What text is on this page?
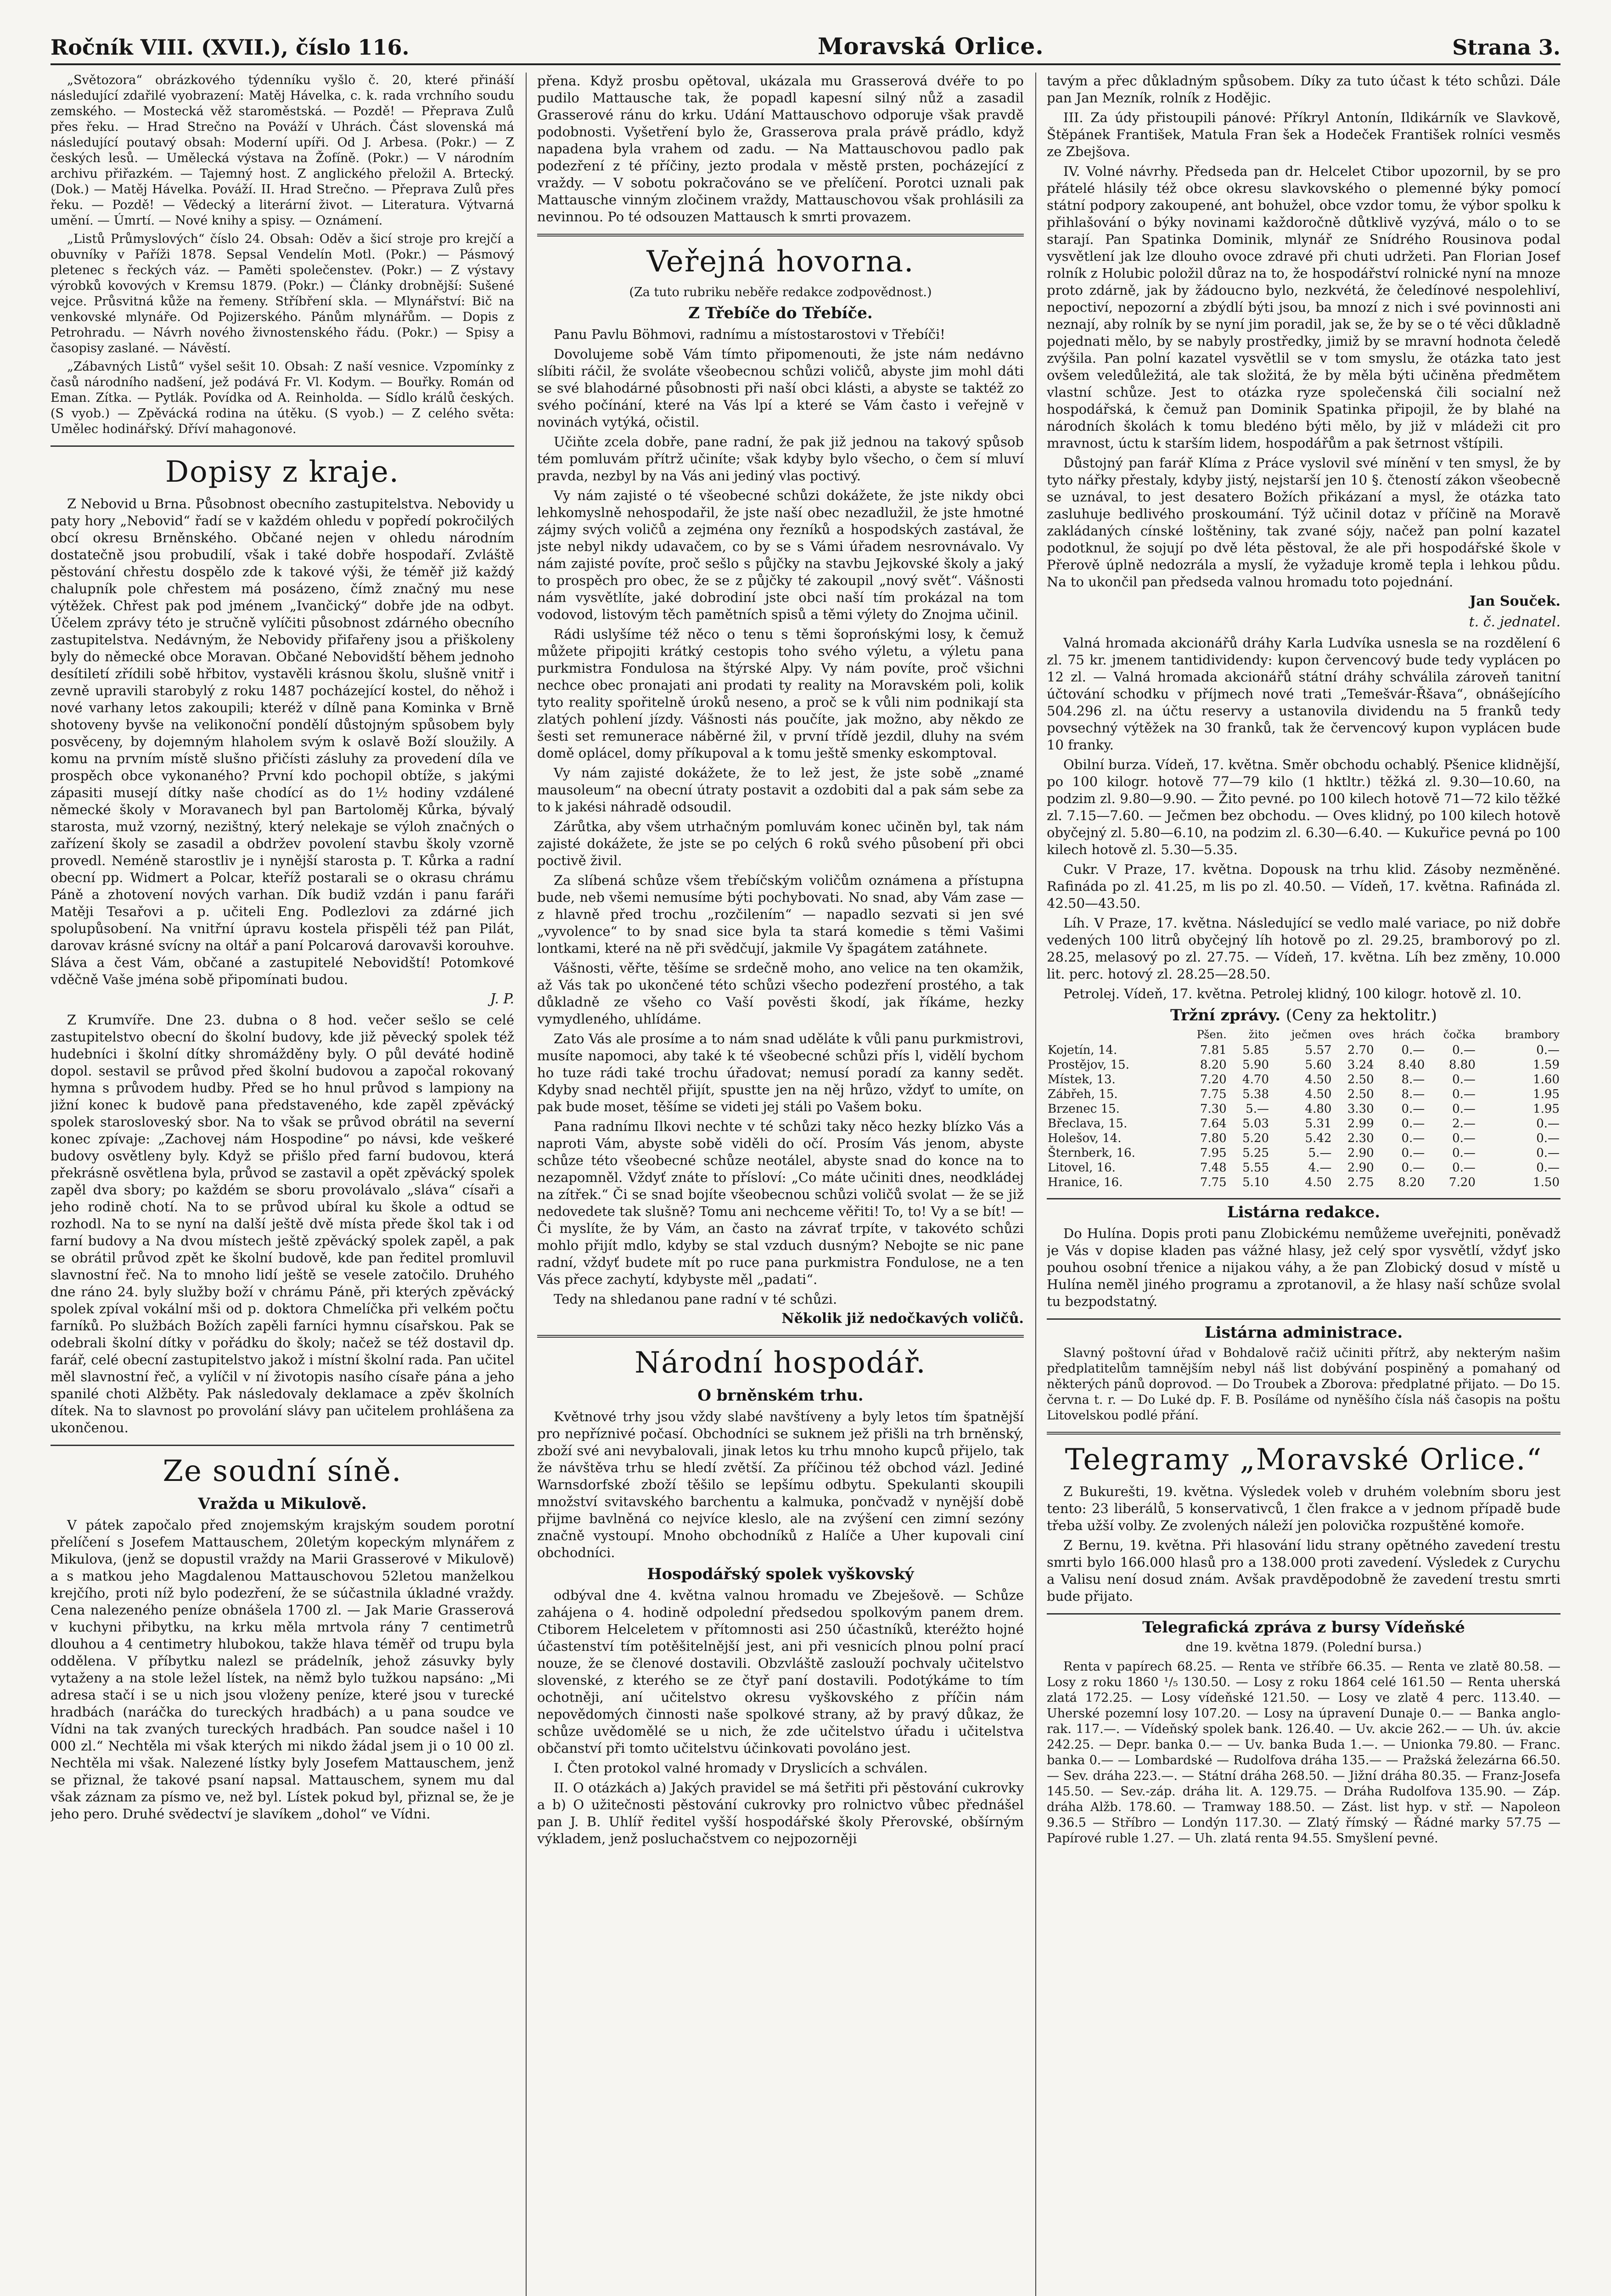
Ročník VIII. (XVII.), číslo 116.	Moravská Orlice.	Strana 3.

„Světozora“ obrázkového týdenníku vyšlo č. 20, které přináší následující zdařilé vyobrazení: Matěj Hávelka, c. k. rada vrchního soudu zemského. — Mostecká věž staroměstská. — Pozdě! — Přeprava Zulů přes řeku. — Hrad Strečno na Pováží v Uhrách. Část slovenská má následující poutavý obsah: Moderní upíři. Od J. Arbesa. (Pokr.) — Z českých lesů. — Umělecká výstava na Žofíně. (Pokr.) — V národním archivu přiřazkém. — Tajemný host. Z anglického přeložil A. Brtecký. (Dok.) — Matěj Hávelka. Pováží. II. Hrad Strečno. — Přeprava Zulů přes řeku. — Pozdě! — Vědecký a literární život. — Literatura. Výtvarná umění. — Úmrtí. — Nové knihy a spisy. — Oznámení.

„Listů Průmyslových“ číslo 24. Obsah: Oděv a šicí stroje pro krejčí a obuvníky v Paříži 1878. Sepsal Vendelín Motl. (Pokr.) — Pásmový pletenec s řeckých váz. — Paměti společenstev. (Pokr.) — Z výstavy výrobků kovových v Kremsu 1879. (Pokr.) — Články drobnější: Sušené vejce. Průsvitná kůže na řemeny. Stříbření skla. — Mlynářství: Bič na venkovské mlynáře. Od Pojizerského. Pánům mlynářům. — Dopis z Petrohradu. — Návrh nového živnostenského řádu. (Pokr.) — Spisy a časopisy zaslané. — Návěstí.

„Zábavných Listů“ vyšel sešit 10. Obsah: Z naší vesnice. Vzpomínky z časů národního nadšení, jež podává Fr. Vl. Kodym. — Bouřky. Román od Eman. Zítka. — Pytlák. Povídka od A. Reinholda. — Sídlo králů českých. (S vyob.) — Zpěvácká rodina na útěku. (S vyob.) — Z celého světa: Umělec hodinářský. Dříví mahagonové.

Dopisy z kraje.

Z Nebovid u Brna. Působnost obecního zastupitelstva. Nebovidy u paty hory „Nebovid“ řadí se v každém ohledu v popředí pokročilých obcí okresu Brněnského. Občané nejen v ohledu národním dostatečně jsou probudilí, však i také dobře hospodaří. Zvláště pěstování chřestu dospělo zde k takové výši, že téměř již každý chalupník pole chřestem má posázeno, čímž značný mu nese výtěžek. Chřest pak pod jménem „Ivančický“ dobře jde na odbyt. Účelem zprávy této je stručně vylíčiti působnost zdárného obecního zastupitelstva. Nedávným, že Nebovidy přifařeny jsou a přiškoleny byly do německé obce Moravan. Občané Nebovidští během jednoho desítiletí zřídili sobě hřbitov, vystavěli krásnou školu, slušně vnitř i zevně upravili starobylý z roku 1487 pocházející kostel, do něhož i nové varhany letos zakoupili; kteréž v dílně pana Kominka v Brně shotoveny byvše na velikonoční pondělí důstojným spůsobem byly posvěceny, by dojemným hlaholem svým k oslavě Boží sloužily. A komu na prvním místě slušno přičísti zásluhy za provedení díla ve prospěch obce vykonaného? První kdo pochopil obtíže, s jakými zápasiti musejí dítky naše chodící as do 1½ hodiny vzdálené německé školy v Moravanech byl pan Bartoloměj Kůrka, bývalý starosta, muž vzorný, nezištný, který nelekaje se výloh značných o zařízení školy se zasadil a obdržev povolení stavbu školy vzorně provedl. Neméně starostliv je i nynější starosta p. T. Kůrka a radní obecní pp. Widmert a Polcar, kteříž postarali se o okrasu chrámu Páně a zhotovení nových varhan. Dík budiž vzdán i panu faráři Matěji Tesařovi a p. učiteli Eng. Podlezlovi za zdárné jich spolupůsobení. Na vnitřní úpravu kostela přispěli též pan Pilát, darovav krásné svícny na oltář a paní Polcarová darovavši korouhve. Sláva a čest Vám, občané a zastupitelé Nebovidští! Potomkové vděčně Vaše jména sobě připomínati budou.

J. P.

Z Krumvíře. Dne 23. dubna o 8 hod. večer sešlo se celé zastupitelstvo obecní do školní budovy, kde již pěvecký spolek též hudebníci i školní dítky shromážděny byly. O půl deváté hodině dopol. sestavil se průvod před školní budovou a započal rokovaný hymna s průvodem hudby. Před se ho hnul průvod s lampiony na jižní konec k budově pana představeného, kde zapěl zpěvácký spolek starosloveský sbor. Na to však se průvod obrátil na severní konec zpívaje: „Zachovej nám Hospodine“ po návsi, kde veškeré budovy osvětleny byly. Když se přišlo před farní budovou, která překrásně osvětlena byla, průvod se zastavil a opět zpěvácký spolek zapěl dva sbory; po každém se sboru provolávalo „sláva“ císaři a jeho rodině chotí. Na to se průvod ubíral ku škole a odtud se rozhodl. Na to se nyní na další ještě dvě místa přede škol tak i od farní budovy a Na dvou místech ještě zpěvácký spolek zapěl, a pak se obrátil průvod zpět ke školní budově, kde pan ředitel promluvil slavnostní řeč. Na to mnoho lidí ještě se vesele zatočilo. Druhého dne ráno 24. byly služby boží v chrámu Páně, při kterých zpěvácký spolek zpíval vokální mši od p. doktora Chmelíčka při velkém počtu farníků. Po službách Božích zapěli farníci hymnu císařskou. Pak se odebrali školní dítky v pořádku do školy; načež se též dostavil dp. farář, celé obecní zastupitelstvo jakož i místní školní rada. Pan učitel měl slavnostní řeč, a vylíčil v ní životopis nasího císaře pána a jeho spanilé choti Alžběty. Pak následovaly deklamace a zpěv školních dítek. Na to slavnost po provolání slávy pan učitelem prohlášena za ukončenou.

Ze soudní síně.
Vražda u Mikulově.

V pátek započalo před znojemským krajským soudem porotní přelíčení s Josefem Mattauschem, 20letým kopeckým mlynářem z Mikulova, (jenž se dopustil vraždy na Marii Grasserové v Mikulově) a s matkou jeho Magdalenou Mattauschovou 52letou manželkou krejčího, proti níž bylo podezření, že se súčastnila úkladné vraždy. Cena nalezeného peníze obnášela 1700 zl. — Jak Marie Grasserová v kuchyni přibytku, na krku měla mrtvola rány 7 centimetrů dlouhou a 4 centimetry hlubokou, takže hlava téměř od trupu byla oddělena. V příbytku nalezl se prádelník, jehož zásuvky byly vytaženy a na stole ležel lístek, na němž bylo tužkou napsáno: „Mi adresa stačí i se u nich jsou vloženy peníze, které jsou v turecké hradbách (naráčka do tureckých hradbách) a u pana soudce ve Vídni na tak zvaných tureckých hradbách. Pan soudce našel i 10 000 zl.“ Nechtěla mi však kterých mi nikdo žádal jsem ji o 10 00 zl. Nechtěla mi však. Nalezené lístky byly Josefem Mattauschem, jenž se přiznal, že takové psaní napsal. Mattauschem, synem mu dal však záznam za písmo ve, než byl. Lístek pokud byl, přiznal se, že je jeho pero. Druhé svědectví je slavíkem „dohol“ ve Vídni.

přena. Když prosbu opětoval, ukázala mu Grasserová dvéře to po pudilo Mattausche tak, že popadl kapesní silný nůž a zasadil Grasserové ránu do krku. Udání Mattauschovo odporuje však pravdě podobnosti. Vyšetření bylo že, Grasserova prala právě prádlo, když napadena byla vrahem od zadu. — Na Mattauschovou padlo pak podezření z té příčiny, jezto prodala v městě prsten, pocházející z vraždy. — V sobotu pokračováno se ve přelíčení. Porotci uznali pak Mattausche vinným zločinem vraždy, Mattauschovou však prohlásili za nevinnou. Po té odsouzen Mattausch k smrti provazem.

Veřejná hovorna.
(Za tuto rubriku neběře redakce zodpovědnost.)
Z Třebíče do Třebíče.

Panu Pavlu Böhmovi, radnímu a místostarostovi v Třebíči!

Dovolujeme sobě Vám tímto připomenouti, že jste nám nedávno slíbiti ráčil, že svoláte všeobecnou schůzi voličů, abyste jim mohl dáti se své blahodárné působnosti při naší obci klásti, a abyste se taktéž zo svého počínání, které na Vás lpí a které se Vám často i veřejně v novinách vytýká, očistil.

Učiňte zcela dobře, pane radní, že pak již jednou na takový spůsob tém pomluvám přítrž učiníte; však kdyby bylo všecho, o čem sí mluví pravda, nezbyl by na Vás ani jediný vlas poctivý.

Vy nám zajisté o té všeobecné schůzi dokážete, že jste nikdy obci lehkomyslně nehospodařil, že jste naší obec nezadlužil, že jste hmotné zájmy svých voličů a zejména ony řezníků a hospodských zastával, že jste nebyl nikdy udavačem, co by se s Vámi úřadem nesrovnávalo. Vy nám zajisté povíte, proč sešlo s půjčky na stavbu Jejkovské školy a jaký to prospěch pro obec, že se z půjčky té zakoupil „nový svět“. Vášnosti nám vysvětlíte, jaké dobrodiní jste obci naší tím prokázal na tom vodovod, listovým těch pamětních spisů a těmi výlety do Znojma učinil.

Rádi uslyšíme též něco o tenu s těmi šoprońskými losy, k čemuž můžete připojiti krátký cestopis toho svého výletu, a výletu pana purkmistra Fondulosa na štýrské Alpy. Vy nám povíte, proč všichni nechce obec pronajati ani prodati ty reality na Moravském poli, kolik tyto reality spořitelně úroků neseno, a proč se k vůli nim podnikají sta zlatých pohlení jízdy. Vášnosti nás poučíte, jak možno, aby někdo ze šesti set remunerace náběrné žil, v první třídě jezdil, dluhy na svém domě oplácel, domy příkupoval a k tomu ještě smenky eskomptoval.

Vy nám zajisté dokážete, že to lež jest, že jste sobě „znamé mausoleum“ na obecní útraty postavit a ozdobiti dal a pak sám sebe za to k jakési náhradě odsoudil.

Zárůtka, aby všem utrhačným pomluvám konec učiněn byl, tak nám zajisté dokážete, že jste se po celých 6 roků svého působení při obci poctivě živil.

Za slíbená schůze všem třebíčským voličům oznámena a přístupna bude, neb všemi nemusíme býti pochybovati. No snad, aby Vám zase — z hlavně před trochu „rozčilením“ — napadlo sezvati si jen své „vyvolence“ to by snad sice byla ta stará komedie s těmi Vašimi lontkami, které na ně při svědčují, jakmile Vy špagátem zatáhnete.

Vášnosti, věřte, těšíme se srdečně moho, ano velice na ten okamžik, až Vás tak po ukončené této schůzi všecho podezření prostého, a tak důkladně ze všeho co Vaší pověsti škodí, jak říkáme, hezky vymydleného, uhlídáme.

Zato Vás ale prosíme a to nám snad uděláte k vůli panu purkmistrovi, musíte napomoci, aby také k té všeobecné schůzi přís l, vidělí bychom ho tuze rádi také trochu úřadovat; nemusí poradí za kanny sedět. Kdyby snad nechtěl přijít, spustte jen na něj hrůzo, vždyť to umíte, on pak bude moset, těšíme se videti jej stáli po Vašem boku.

Pana radnímu Ilkovi nechte v té schůzi taky něco hezky blízko Vás a naproti Vám, abyste sobě viděli do očí. Prosím Vás jenom, abyste schůze této všeobecné schůze neotálel, abyste snad do konce na to nezapomněl. Vždyť znáte to přísloví: „Co máte učiniti dnes, neodkládej na zítřek.“ Či se snad bojíte všeobecnou schůzi voličů svolat — že se již nedovedete tak slušně? Tomu ani nechceme věřiti! To, to! Vy a se bít! — Či myslíte, že by Vám, an často na závrať trpíte, v takovéto schůzi mohlo přijít mdlo, kdyby se stal vzduch dusným? Nebojte se nic pane radní, vždyť budete mít po ruce pana purkmistra Fondulose, ne a ten Vás přece zachytí, kdybyste měl „padati“.

Tedy na shledanou pane radní v té schůzi.

Několik již nedočkavých voličů.
Národní hospodář.
O brněnském trhu.

Květnové trhy jsou vždy slabé navštíveny a byly letos tím špatnější pro nepříznivé počasí. Obchodníci se suknem jež přišli na trh brněnský, zboží své ani nevybalovali, jinak letos ku trhu mnoho kupců přijelo, tak že návštěva trhu se hledí zvětší. Za příčinou též obchod vázl. Jediné Warnsdorfské zboží těšilo se lepšímu odbytu. Spekulanti skoupili množství svitavského barchentu a kalmuka, pončvadž v nynější době přijme bavlněná co nejvíce kleslo, ale na zvýšení cen zimní sezóny značně vystoupí. Mnoho obchodníků z Halíče a Uher kupovali ciní obchodníci.

Hospodářský spolek vyškovský

odbýval dne 4. května valnou hromadu ve Zbeješově. — Schůze zahájena o 4. hodině odpolední předsedou spolkovým panem drem. Ctiborem Helceletem v přítomnosti asi 250 účastníků, kteréžto hojné účastenství tím potěšitelnější jest, ani při vesnicích plnou polní prací nouze, že se členové dostavili. Obzvláště zaslouží pochvaly učitelstvo slovenské, z kterého se ze čtyř paní dostavili. Podotýkáme to tím ochotněji, aní učitelstvo okresu vyškovského z příčin nám nepovědomých činnosti naše spolkové strany, až by pravý důkaz, že schůze uvědomělé se u nich, že zde učitelstvo úřadu i učitelstva občanství při tomto učitelstvu účinkovati povoláno jest.

I. Čten protokol valné hromady v Dryslicích a schválen.

II. O otázkách a) Jakých pravidel se má šetřiti při pěstování cukrovky a b) O užitečnosti pěstování cukrovky pro rolnictvo vůbec přednášel pan J. B. Uhlíř ředitel vyšší hospodářské školy Přerovské, obšírným výkladem, jenž posluchačstvem co nejpozorněji

tavým a přec důkladným spůsobem. Díky za tuto účast k této schůzi. Dále pan Jan Mezník, rolník z Hodějic.

III. Za údy přistoupili pánové: Příkryl Antonín, Ildikárník ve Slavkově, Štěpánek František, Matula Fran šek a Hodeček František rolníci vesměs ze Zbejšova.

IV. Volné návrhy. Předseda pan dr. Helcelet Ctibor upozornil, by se pro přátelé hlásily též obce okresu slavkovského o plemenné býky pomocí státní podpory zakoupené, ant bohužel, obce vzdor tomu, že výbor spolku k přihlašování o býky novinami každoročně důtklivě vyzývá, málo o to se starají. Pan Spatinka Dominik, mlynář ze Snídrého Rousinova podal vysvětlení jak lze dlouho ovoce zdravé při chuti udržeti. Pan Florian Josef rolník z Holubic položil důraz na to, že hospodářství rolnické nyní na mnoze proto zdárně, jak by žádoucno bylo, nezkvétá, že čeledínové nespolehliví, nepoctiví, nepozorní a zbýdlí býti jsou, ba mnozí z nich i své povinnosti ani neznají, aby rolník by se nyní jim poradil, jak se, že by se o té věci důkladně pojednati mělo, by se nabyly prostředky, jimiž by se mravní hodnota čeledě zvýšila. Pan polní kazatel vysvětlil se v tom smyslu, že otázka tato jest ovšem veledůležitá, ale tak složitá, že by měla býti učiněna předmětem vlastní schůze. Jest to otázka ryze společenská čili socialní než hospodářská, k čemuž pan Dominik Spatinka připojil, že by blahé na národních školách k tomu bledéno býti mělo, by již v mládeži cit pro mravnost, úctu k starším lidem, hospodářům a pak šetrnost vštípili.

Důstojný pan farář Klíma z Práce vyslovil své mínění v ten smysl, že by tyto nářky přestaly, kdyby jistý, nejstarší jen 10 §. čteností zákon všeobecně se uznával, to jest desatero Božích přikázaní a mysl, že otázka tato zasluhuje bedlivého proskoumání. Týž učinil dotaz v příčině na Moravě zakládaných cínské loštěniny, tak zvané sójy, načež pan polní kazatel podotknul, že sojují po dvě léta pěstoval, že ale při hospodářské škole v Přerově úplně nedozrála a myslí, že vyžaduje kromě tepla i lehkou půdu. Na to ukončil pan předseda valnou hromadu toto pojednání.

Jan Souček.
t. č. jednatel.

Valná hromada akcionářů dráhy Karla Ludvíka usnesla se na rozdělení 6 zl. 75 kr. jmenem tantidividendy: kupon červencový bude tedy vyplácen po 12 zl. — Valná hromada akcionářů státní dráhy schválila zároveň tanitní účtování schodku v příjmech nové trati „Temešvár-Řšava“, obnášejícího 504.296 zl. na účtu reservy a ustanovila dividendu na 5 franků tedy povsechný výtěžek na 30 franků, tak že červencový kupon vyplácen bude 10 franky.

Obilní burza. Vídeň, 17. května. Směr obchodu ochablý. Pšenice klidnější, po 100 kilogr. hotově 77—79 kilo (1 hktltr.) těžká zl. 9.30—10.60, na podzim zl. 9.80—9.90. — Žito pevné. po 100 kilech hotově 71—72 kilo těžké zl. 7.15—7.60. — Ječmen bez obchodu. — Oves klidný, po 100 kilech hotově obyčejný zl. 5.80—6.10, na podzim zl. 6.30—6.40. — Kukuřice pevná po 100 kilech hotově zl. 5.30—5.35.

Cukr. V Praze, 17. května. Dopousk na trhu klid. Zásoby nezměněné. Rafináda po zl. 41.25, m lis po zl. 40.50. — Vídeň, 17. května. Rafináda zl. 42.50—43.50.

Líh. V Praze, 17. května. Následující se vedlo malé variace, po niž dobře vedených 100 litrů obyčejný líh hotově po zl. 29.25, bramborový po zl. 28.25, melasový po zl. 27.75. — Vídeň, 17. května. Líh bez změny, 10.000 lit. perc. hotový zl. 28.25—28.50.

Petrolej. Vídeň, 17. května. Petrolej klidný, 100 kilogr. hotově zl. 10.

Tržní zprávy. (Ceny za hektolitr.)
	Pšen.	žito	ječmen	oves	hrách	čočka	brambory
Kojetín, 14.	7.81	5.85	5.57	2.70	0.—	0.—	0.—
Prostějov, 15.	8.20	5.90	5.60	3.24	8.40	8.80	1.59
Místek, 13.	7.20	4.70	4.50	2.50	8.—	0.—	1.60
Zábřeh, 15.	7.75	5.38	4.50	2.50	8.—	0.—	1.95
Brzenec 15.	7.30	5.—	4.80	3.30	0.—	0.—	1.95
Břeclava, 15.	7.64	5.03	5.31	2.99	0.—	2.—	0.—
Holešov, 14.	7.80	5.20	5.42	2.30	0.—	0.—	0.—
Šternberk, 16.	7.95	5.25	5.—	2.90	0.—	0.—	0.—
Litovel, 16.	7.48	5.55	4.—	2.90	0.—	0.—	0.—
Hranice, 16.	7.75	5.10	4.50	2.75	8.20	7.20	1.50
Listárna redakce.

Do Hulína. Dopis proti panu Zlobickému nemůžeme uveřejniti, poněvadž je Vás v dopise kladen pas vážné hlasy, jež celý spor vysvětlí, vždyť jsko pouhou osobní třenice a nijakou váhy, a že pan Zlobický dosud v místě u Hulína neměl jiného programu a zprotanovil, a že hlasy naší schůze svolal tu bezpodstatný.

Listárna administrace.

Slavný poštovní úřad v Bohdalově račiž učiniti přítrž, aby nekterým našim předplatitelům tamnějším nebyl náš list dobývání pospiněný a pomahaný od některých pánů doprovod. — Do Troubek a Zborova: předplatné přijato. — Do 15. června t. r. — Do Luké dp. F. B. Posíláme od nyněšího čísla náš časopis na poštu Litovelskou podlé přání.

Telegramy „Moravské Orlice.“

Z Bukurešti, 19. května. Výsledek voleb v druhém volebním sboru jest tento: 23 liberálů, 5 konservativců, 1 člen frakce a v jednom případě bude třeba užší volby. Ze zvolených náleží jen polovička rozpuštěné komoře.

Z Bernu, 19. května. Při hlasování lidu strany opětného zavedení trestu smrti bylo 166.000 hlasů pro a 138.000 proti zavedení. Výsledek z Curychu a Valisu není dosud znám. Avšak pravděpodobně že zavedení trestu smrti bude přijato.

Telegrafická zpráva z bursy Vídeňské
dne 19. května 1879. (Polední bursa.)

Renta v papírech 68.25. — Renta ve stříbře 66.35. — Renta ve zlatě 80.58. — Losy z roku 1860 ¹/₅ 130.50. — Losy z roku 1864 celé 161.50 — Renta uherská zlatá 172.25. — Losy vídeňské 121.50. — Losy ve zlatě 4 perc. 113.40. — Uherské pozemní losy 107.20. — Losy na úpravení Dunaje 0.— — Banka anglo-rak. 117.—. — Vídeňský spolek bank. 126.40. — Uv. akcie 262.— — Uh. úv. akcie 242.25. — Depr. banka 0.— — Uv. banka Buda 1.—. — Unionka 79.80. — Franc. banka 0.— — Lombardské — Rudolfova dráha 135.— — Pražská železárna 66.50. — Sev. dráha 223.—. — Státní dráha 268.50. — Jižní dráha 80.35. — Franz-Josefa 145.50. — Sev.-záp. dráha lit. A. 129.75. — Dráha Rudolfova 135.90. — Záp. dráha Alžb. 178.60. — Tramway 188.50. — Zást. list hyp. v stř. — Napoleon 9.36.5 — Stříbro — Londýn 117.30. — Zlatý římský — Řádné marky 57.75 — Papírové ruble 1.27. — Uh. zlatá renta 94.55. Smyšlení pevné.
